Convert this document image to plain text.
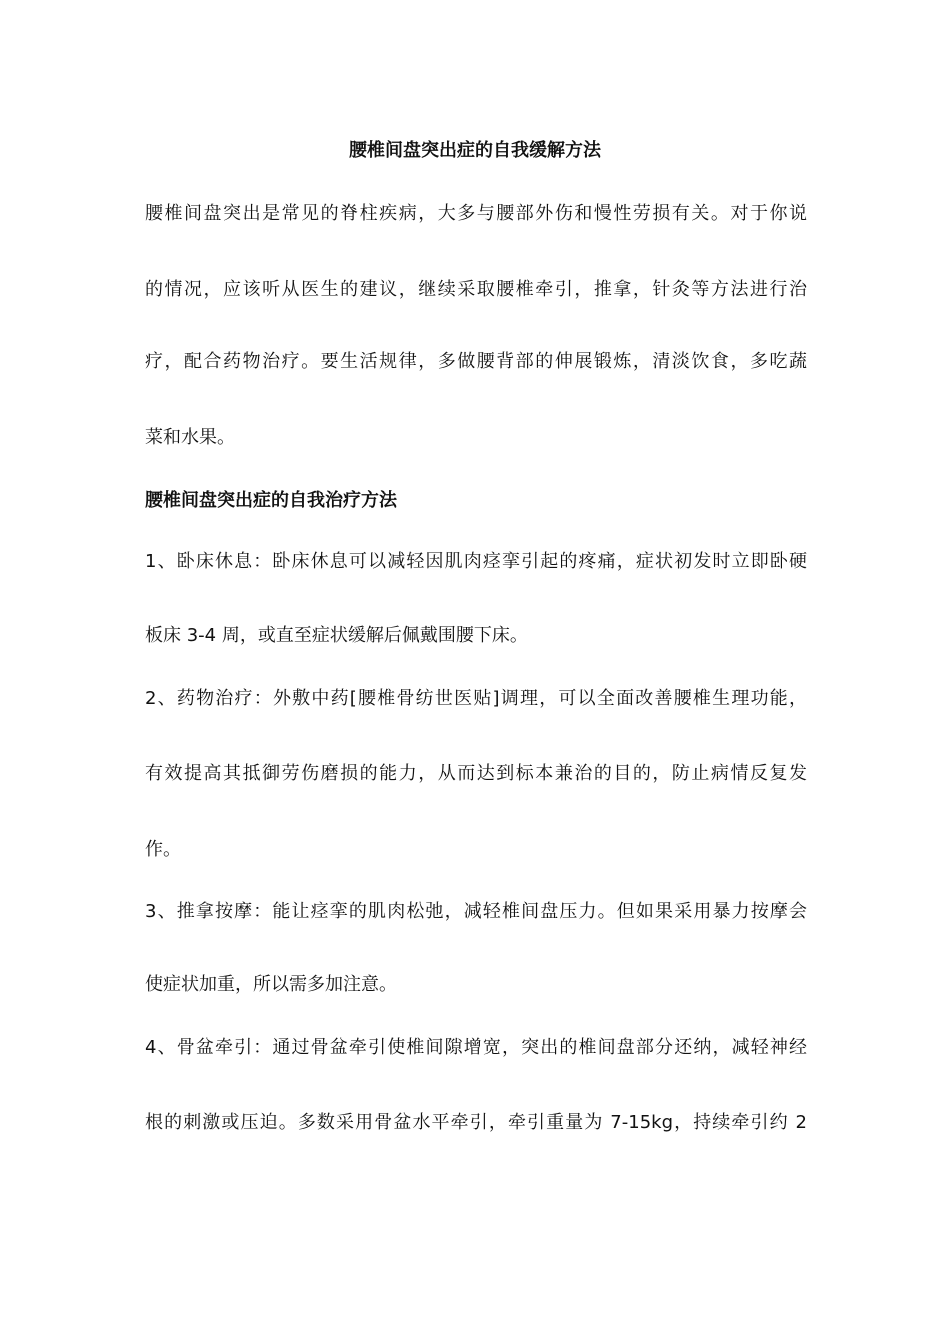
腰椎间盘突出症的自我缓解方法
腰椎间盘突出是常见的脊柱疾病，大多与腰部外伤和慢性劳损有关。对于你说
的情况，应该听从医生的建议，继续采取腰椎牵引，推拿，针灸等方法进行治
疗，配合药物治疗。要生活规律，多做腰背部的伸展锻炼，清淡饮食，多吃蔬
菜和水果。
腰椎间盘突出症的自我治疗方法
1、卧床休息：卧床休息可以减轻因肌肉痉挛引起的疼痛，症状初发时立即卧硬
板床 3-4 周，或直至症状缓解后佩戴围腰下床。
2、药物治疗：外敷中药[腰椎骨纺世医贴]调理，可以全面改善腰椎生理功能，
有效提高其抵御劳伤磨损的能力，从而达到标本兼治的目的，防止病情反复发
作。
3、推拿按摩：能让痉挛的肌肉松弛，减轻椎间盘压力。但如果采用暴力按摩会
使症状加重，所以需多加注意。
4、骨盆牵引：通过骨盆牵引使椎间隙增宽，突出的椎间盘部分还纳，减轻神经
根的刺激或压迫。多数采用骨盆水平牵引，牵引重量为 7-15kg，持续牵引约 2
